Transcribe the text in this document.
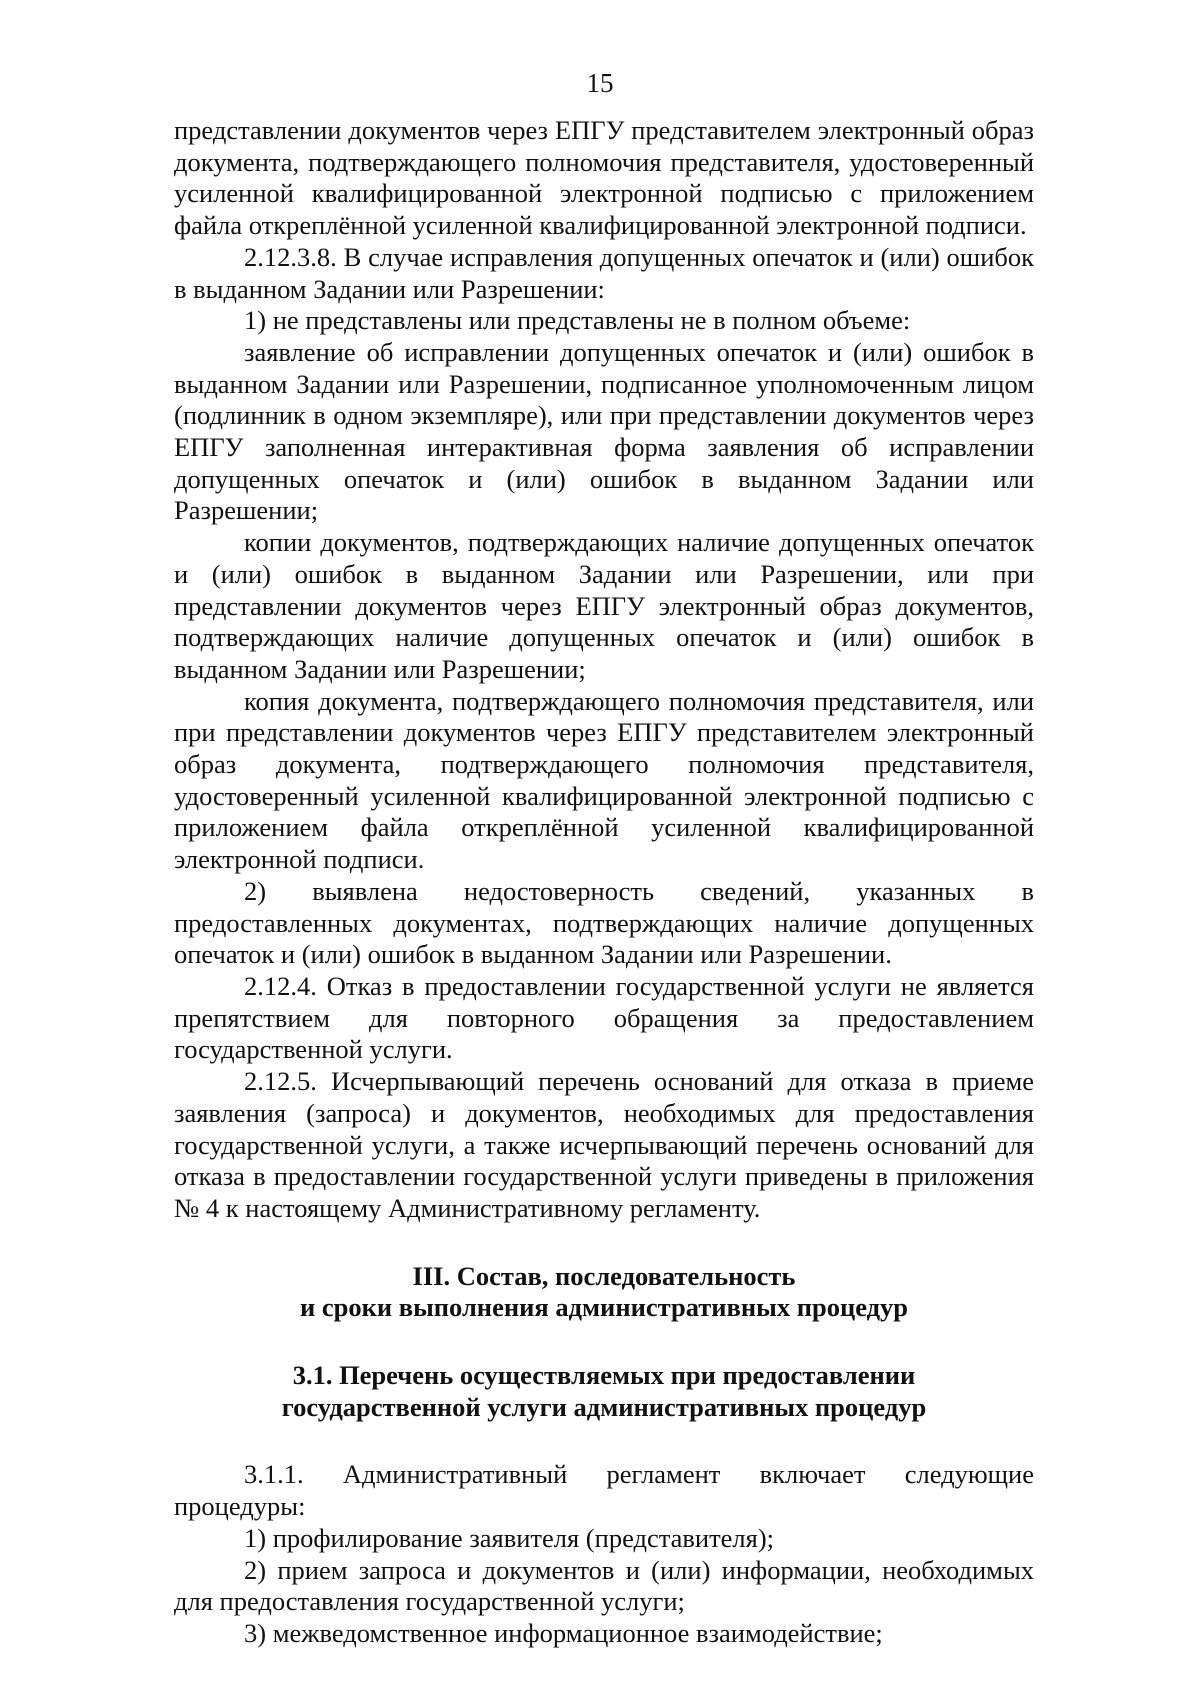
15

представлении документов через ЕПГУ представителем электронный образ документа, подтверждающего полномочия представителя, удостоверенный усиленной квалифицированной электронной подписью с приложением файла откреплённой усиленной квалифицированной электронной подписи.

2.12.3.8. В случае исправления допущенных опечаток и (или) ошибок в выданном Задании или Разрешении:

1) не представлены или представлены не в полном объеме:

заявление об исправлении допущенных опечаток и (или) ошибок в выданном Задании или Разрешении, подписанное уполномоченным лицом (подлинник в одном экземпляре), или при представлении документов через ЕПГУ заполненная интерактивная форма заявления об исправлении допущенных опечаток и (или) ошибок в выданном Задании или Разрешении;

копии документов, подтверждающих наличие допущенных опечаток и (или) ошибок в выданном Задании или Разрешении, или при представлении документов через ЕПГУ электронный образ документов, подтверждающих наличие допущенных опечаток и (или) ошибок в выданном Задании или Разрешении;

копия документа, подтверждающего полномочия представителя, или при представлении документов через ЕПГУ представителем электронный образ документа, подтверждающего полномочия представителя, удостоверенный усиленной квалифицированной электронной подписью с приложением файла откреплённой усиленной квалифицированной электронной подписи.

2) выявлена недостоверность сведений, указанных в предоставленных документах, подтверждающих наличие допущенных опечаток и (или) ошибок в выданном Задании или Разрешении.

2.12.4. Отказ в предоставлении государственной услуги не является препятствием для повторного обращения за предоставлением государственной услуги.

2.12.5. Исчерпывающий перечень оснований для отказа в приеме заявления (запроса) и документов, необходимых для предоставления государственной услуги, а также исчерпывающий перечень оснований для отказа в предоставлении государственной услуги приведены в приложения № 4 к настоящему Административному регламенту.

III. Состав, последовательность
и сроки выполнения административных процедур
3.1. Перечень осуществляемых при предоставлении
государственной услуги административных процедур

3.1.1. Административный регламент включает следующие процедуры:

1) профилирование заявителя (представителя);

2) прием запроса и документов и (или) информации, необходимых для предоставления государственной услуги;

3) межведомственное информационное взаимодействие;
